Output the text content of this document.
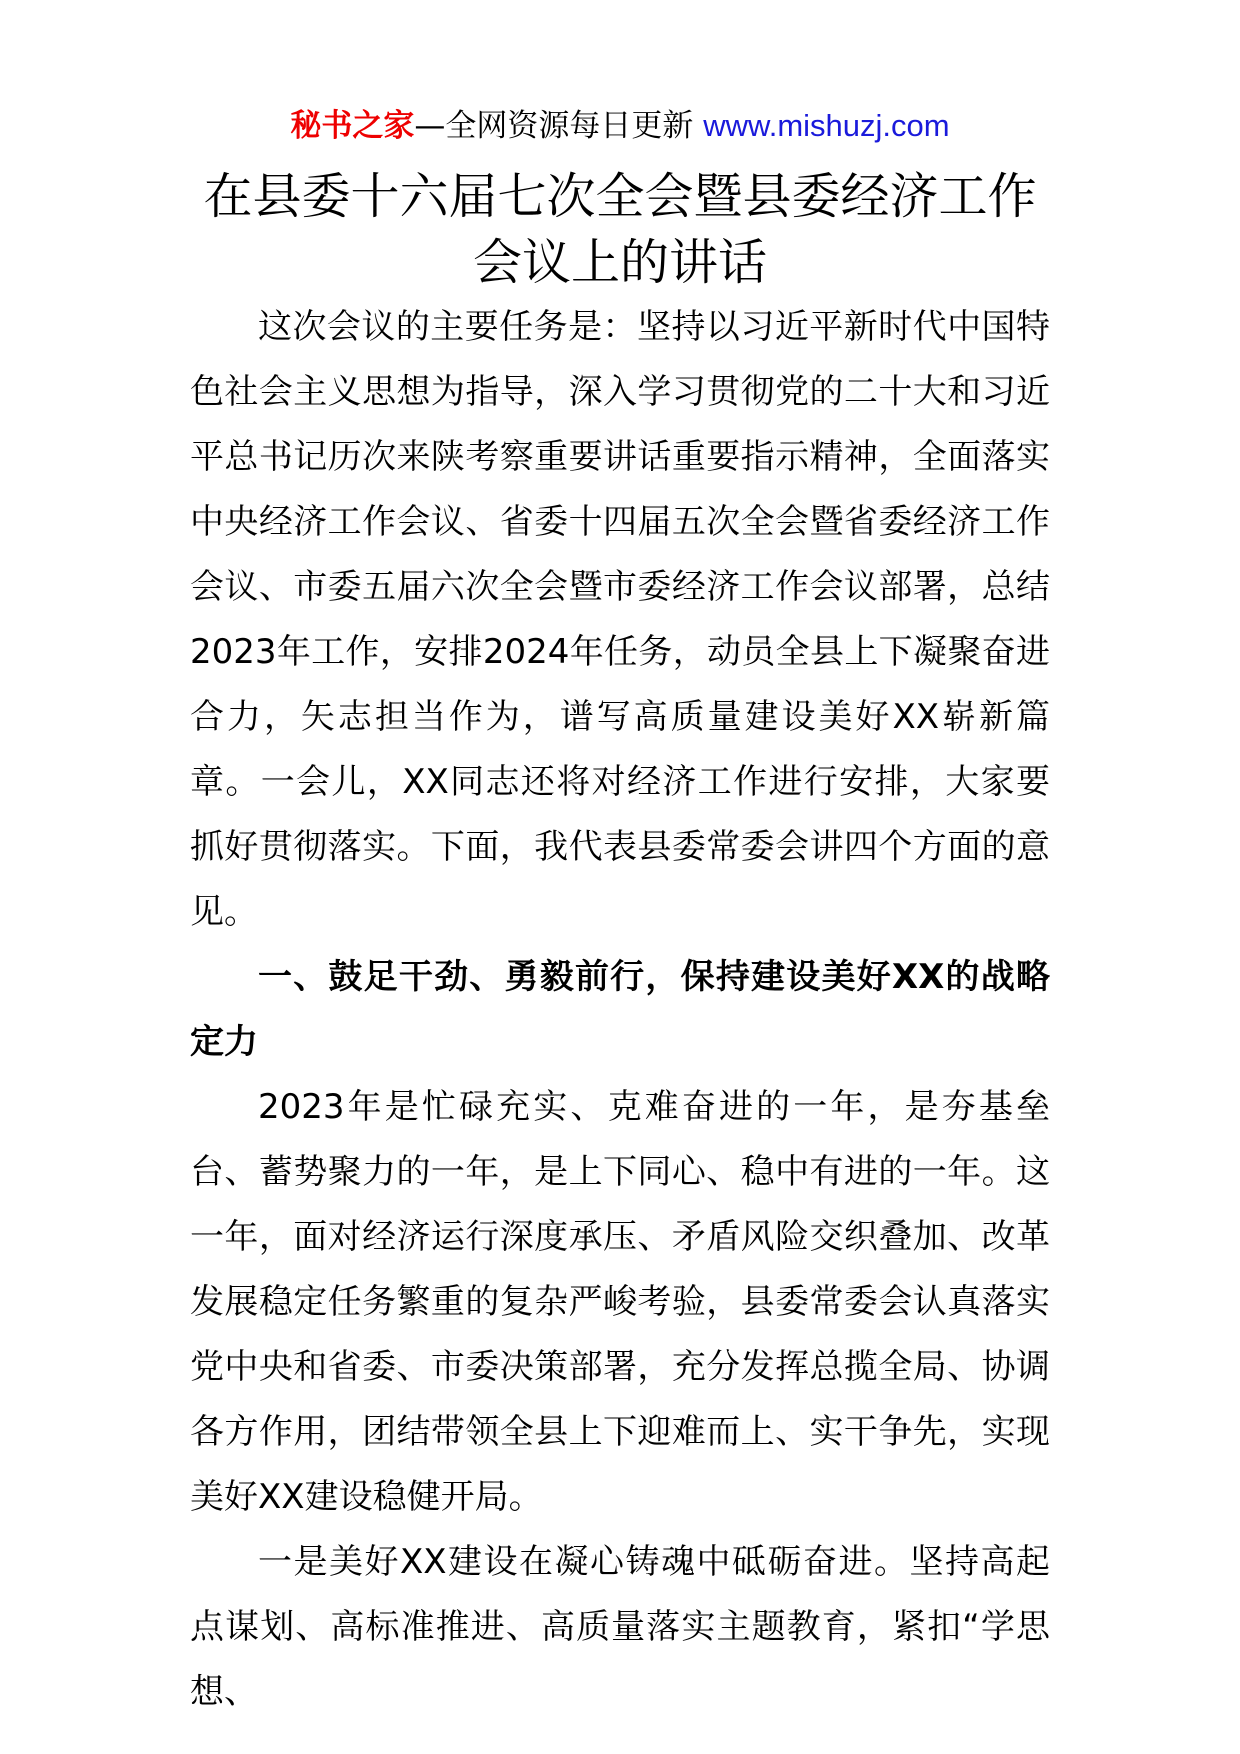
秘书之家—全网资源每日更新 www.mishuzj.com
在县委十六届七次全会暨县委经济工作会议上的讲话

这次会议的主要任务是：坚持以习近平新时代中国特色社会主义思想为指导，深入学习贯彻党的二十大和习近平总书记历次来陕考察重要讲话重要指示精神，全面落实中央经济工作会议、省委十四届五次全会暨省委经济工作会议、市委五届六次全会暨市委经济工作会议部署，总结2023年工作，安排2024年任务，动员全县上下凝聚奋进合力，矢志担当作为，谱写高质量建设美好XX崭新篇章。一会儿，XX同志还将对经济工作进行安排，大家要抓好贯彻落实。下面，我代表县委常委会讲四个方面的意见。

一、鼓足干劲、勇毅前行，保持建设美好XX的战略定力

2023年是忙碌充实、克难奋进的一年，是夯基垒台、蓄势聚力的一年，是上下同心、稳中有进的一年。这一年，面对经济运行深度承压、矛盾风险交织叠加、改革发展稳定任务繁重的复杂严峻考验，县委常委会认真落实党中央和省委、市委决策部署，充分发挥总揽全局、协调各方作用，团结带领全县上下迎难而上、实干争先，实现美好XX建设稳健开局。

一是美好XX建设在凝心铸魂中砥砺奋进。坚持高起点谋划、高标准推进、高质量落实主题教育，紧扣“学思想、
